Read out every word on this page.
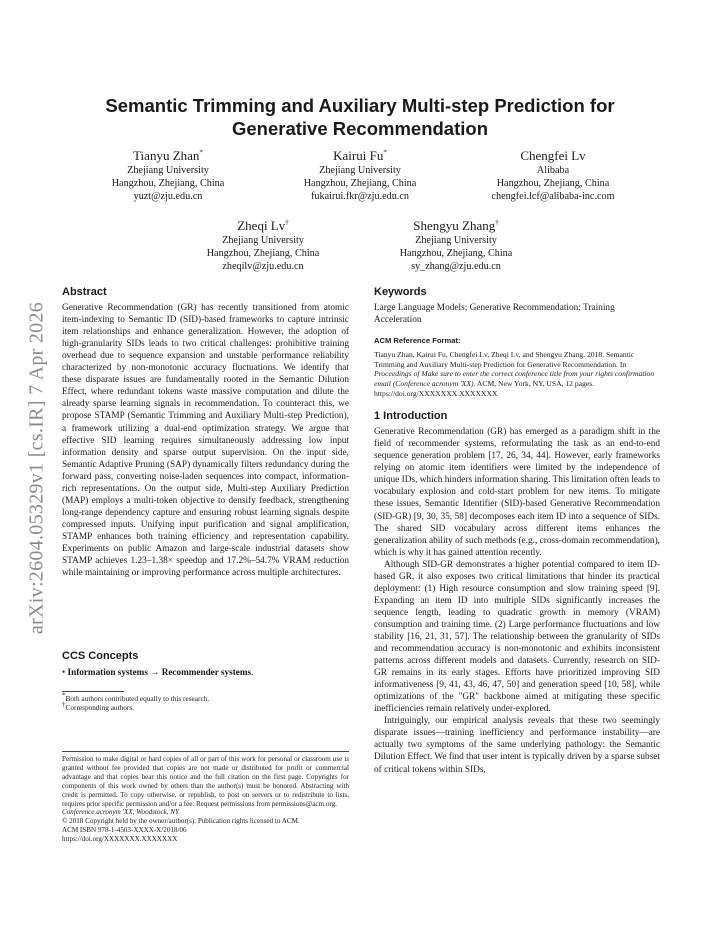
arXiv:2604.05329v1 [cs.IR] 7 Apr 2026
Semantic Trimming and Auxiliary Multi-step Prediction for Generative Recommendation
Tianyu Zhan*
Zhejiang University
Hangzhou, Zhejiang, China
yuzt@zju.edu.cn
Kairui Fu*
Zhejiang University
Hangzhou, Zhejiang, China
fukairui.fkr@zju.edu.cn
Chengfei Lv
Alibaba
Hangzhou, Zhejiang, China
chengfei.lcf@alibaba-inc.com
Zheqi Lv†
Zhejiang University
Hangzhou, Zhejiang, China
zheqilv@zju.edu.cn
Shengyu Zhang†
Zhejiang University
Hangzhou, Zhejiang, China
sy_zhang@zju.edu.cn
Abstract

Generative Recommendation (GR) has recently transitioned from atomic item-indexing to Semantic ID (SID)-based frameworks to capture intrinsic item relationships and enhance generalization. However, the adoption of high-granularity SIDs leads to two critical challenges: prohibitive training overhead due to sequence expansion and unstable performance reliability characterized by non-monotonic accuracy fluctuations. We identify that these disparate issues are fundamentally rooted in the Semantic Dilution Effect, where redundant tokens waste massive computation and dilute the already sparse learning signals in recommendation. To counteract this, we propose STAMP (Semantic Trimming and Auxiliary Multi-step Prediction), a framework utilizing a dual-end optimization strategy. We argue that effective SID learning requires simultaneously addressing low input information density and sparse output supervision. On the input side, Semantic Adaptive Pruning (SAP) dynamically filters redundancy during the forward pass, converting noise-laden sequences into compact, information-rich representations. On the output side, Multi-step Auxiliary Prediction (MAP) employs a multi-token objective to densify feedback, strengthening long-range dependency capture and ensuring robust learning signals despite compressed inputs. Unifying input purification and signal amplification, STAMP enhances both training efficiency and representation capability. Experiments on public Amazon and large-scale industrial datasets show STAMP achieves 1.23–1.38× speedup and 17.2%–54.7% VRAM reduction while maintaining or improving performance across multiple architectures.

CCS Concepts

• Information systems → Recommender systems.

*Both authors contributed equally to this research.
†Corresponding authors.
Permission to make digital or hard copies of all or part of this work for personal or classroom use is granted without fee provided that copies are not made or distributed for profit or commercial advantage and that copies bear this notice and the full citation on the first page. Copyrights for components of this work owned by others than the author(s) must be honored. Abstracting with credit is permitted. To copy otherwise, or republish, to post on servers or to redistribute to lists, requires prior specific permission and/or a fee. Request permissions from permissions@acm.org.
Conference acronym 'XX, Woodstock, NY
© 2018 Copyright held by the owner/author(s). Publication rights licensed to ACM.
ACM ISBN 978-1-4503-XXXX-X/2018/06
https://doi.org/XXXXXXX.XXXXXXX
Keywords

Large Language Models; Generative Recommendation; Training Acceleration

ACM Reference Format:
Tianyu Zhan, Kairui Fu, Chengfei Lv, Zheqi Lv, and Shengyu Zhang. 2018. Semantic Trimming and Auxiliary Multi-step Prediction for Generative Recommendation. In Proceedings of Make sure to enter the correct conference title from your rights confirmation email (Conference acronym 'XX). ACM, New York, NY, USA, 12 pages. https://doi.org/XXXXXXX.XXXXXXX
1 Introduction

Generative Recommendation (GR) has emerged as a paradigm shift in the field of recommender systems, reformulating the task as an end-to-end sequence generation problem [17, 26, 34, 44]. However, early frameworks relying on atomic item identifiers were limited by the independence of unique IDs, which hinders information sharing. This limitation often leads to vocabulary explosion and cold-start problem for new items. To mitigate these issues, Semantic Identifier (SID)-based Generative Recommendation (SID-GR) [9, 30, 35, 58] decomposes each item ID into a sequence of SIDs. The shared SID vocabulary across different items enhances the generalization ability of such methods (e.g., cross-domain recommendation), which is why it has gained attention recently.

Although SID-GR demonstrates a higher potential compared to item ID-based GR, it also exposes two critical limitations that hinder its practical deployment: (1) High resource consumption and slow training speed [9]. Expanding an item ID into multiple SIDs significantly increases the sequence length, leading to quadratic growth in memory (VRAM) consumption and training time. (2) Large performance fluctuations and low stability [16, 21, 31, 57]. The relationship between the granularity of SIDs and recommendation accuracy is non-monotonic and exhibits inconsistent patterns across different models and datasets. Currently, research on SID-GR remains in its early stages. Efforts have prioritized improving SID informativeness [9, 41, 43, 46, 47, 50] and generation speed [10, 58], while optimizations of the "GR" backbone aimed at mitigating these specific inefficiencies remain relatively under-explored.

Intriguingly, our empirical analysis reveals that these two seemingly disparate issues—training inefficiency and performance instability—are actually two symptoms of the same underlying pathology: the Semantic Dilution Effect. We find that user intent is typically driven by a sparse subset of critical tokens within SIDs,
